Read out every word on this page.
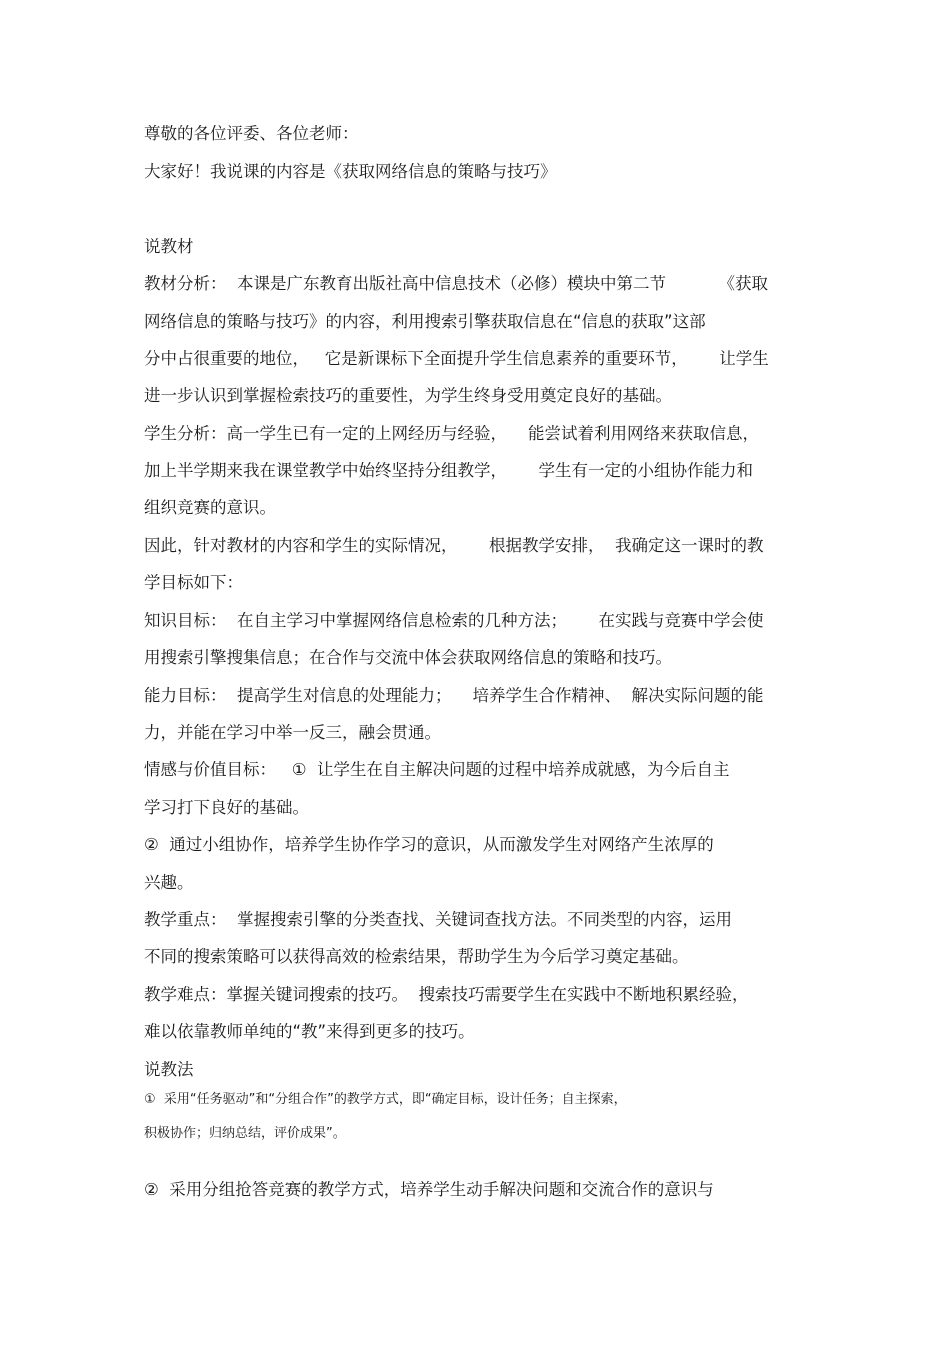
尊敬的各位评委、各位老师：
大家好！我说课的内容是《获取网络信息的策略与技巧》
说教材
教材分析：  本课是广东教育出版社高中信息技术（必修）模块中第二节          《获取
网络信息的策略与技巧》的内容，利用搜索引擎获取信息在“信息的获取”这部
分中占很重要的地位，   它是新课标下全面提升学生信息素养的重要环节，      让学生
进一步认识到掌握检索技巧的重要性，为学生终身受用奠定良好的基础。
学生分析：高一学生已有一定的上网经历与经验，    能尝试着利用网络来获取信息，
加上半学期来我在课堂教学中始终坚持分组教学，      学生有一定的小组协作能力和
组织竞赛的意识。
因此，针对教材的内容和学生的实际情况，      根据教学安排，  我确定这一课时的教
学目标如下：
知识目标：  在自主学习中掌握网络信息检索的几种方法；      在实践与竞赛中学会使
用搜索引擎搜集信息；在合作与交流中体会获取网络信息的策略和技巧。
能力目标：  提高学生对信息的处理能力；    培养学生合作精神、  解决实际问题的能
力，并能在学习中举一反三，融会贯通。
情感与价值目标：   ①  让学生在自主解决问题的过程中培养成就感，为今后自主
学习打下良好的基础。
②  通过小组协作，培养学生协作学习的意识，从而激发学生对网络产生浓厚的
兴趣。
教学重点：  掌握搜索引擎的分类查找、关键词查找方法。不同类型的内容，运用
不同的搜索策略可以获得高效的检索结果，帮助学生为今后学习奠定基础。
教学难点：掌握关键词搜索的技巧。  搜索技巧需要学生在实践中不断地积累经验，
难以依靠教师单纯的“教”来得到更多的技巧。
说教法
①  采用“任务驱动”和“分组合作”的教学方式，即“确定目标，设计任务；自主探索，
积极协作；归纳总结，评价成果”。
②  采用分组抢答竞赛的教学方式，培养学生动手解决问题和交流合作的意识与
